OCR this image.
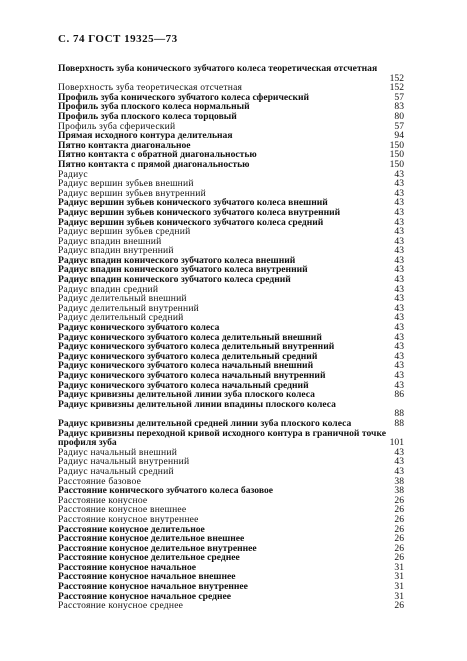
С. 74 ГОСТ 19325—73
Поверхность зуба конического зубчатого колеса теоретическая отсчетная
152
Поверхность зуба теоретическая отсчетная	152
Профиль зуба конического зубчатого колеса сферический	57
Профиль зуба плоского колеса нормальный	83
Профиль зуба плоского колеса торцовый	80
Профиль зуба сферический	57
Прямая исходного контура делительная	94
Пятно контакта диагональное	150
Пятно контакта с обратной диагональностью	150
Пятно контакта с прямой диагональностью	150
Радиус	43
Радиус вершин зубьев внешний	43
Радиус вершин зубьев внутренний	43
Радиус вершин зубьев конического зубчатого колеса внешний	43
Радиус вершин зубьев конического зубчатого колеса внутренний	43
Радиус вершин зубьев конического зубчатого колеса средний	43
Радиус вершин зубьев средний	43
Радиус впадин внешний	43
Радиус впадин внутренний	43
Радиус впадин конического зубчатого колеса внешний	43
Радиус впадин конического зубчатого колеса внутренний	43
Радиус впадин конического зубчатого колеса средний	43
Радиус впадин средний	43
Радиус делительный внешний	43
Радиус делительный внутренний	43
Радиус делительный средний	43
Радиус конического зубчатого колеса	43
Радиус конического зубчатого колеса делительный внешний	43
Радиус конического зубчатого колеса делительный внутренний	43
Радиус конического зубчатого колеса делительный средний	43
Радиус конического зубчатого колеса начальный внешний	43
Радиус конического зубчатого колеса начальный внутренний	43
Радиус конического зубчатого колеса начальный средний	43
Радиус кривизны делительной линии зуба плоского колеса	86
Радиус кривизны делительной линии впадины плоского колеса
88
Радиус кривизны делительной средней линии зуба плоского колеса	88
Радиус кривизны переходной кривой исходного контура в граничной точке профиля зуба	101
Радиус начальный внешний	43
Радиус начальный внутренний	43
Радиус начальный средний	43
Расстояние базовое	38
Расстояние конического зубчатого колеса базовое	38
Расстояние конусное	26
Расстояние конусное внешнее	26
Расстояние конусное внутреннее	26
Расстояние конусное делительное	26
Расстояние конусное делительное внешнее	26
Расстояние конусное делительное внутреннее	26
Расстояние конусное делительное среднее	26
Расстояние конусное начальное	31
Расстояние конусное начальное внешнее	31
Расстояние конусное начальное внутреннее	31
Расстояние конусное начальное среднее	31
Расстояние конусное среднее	26
